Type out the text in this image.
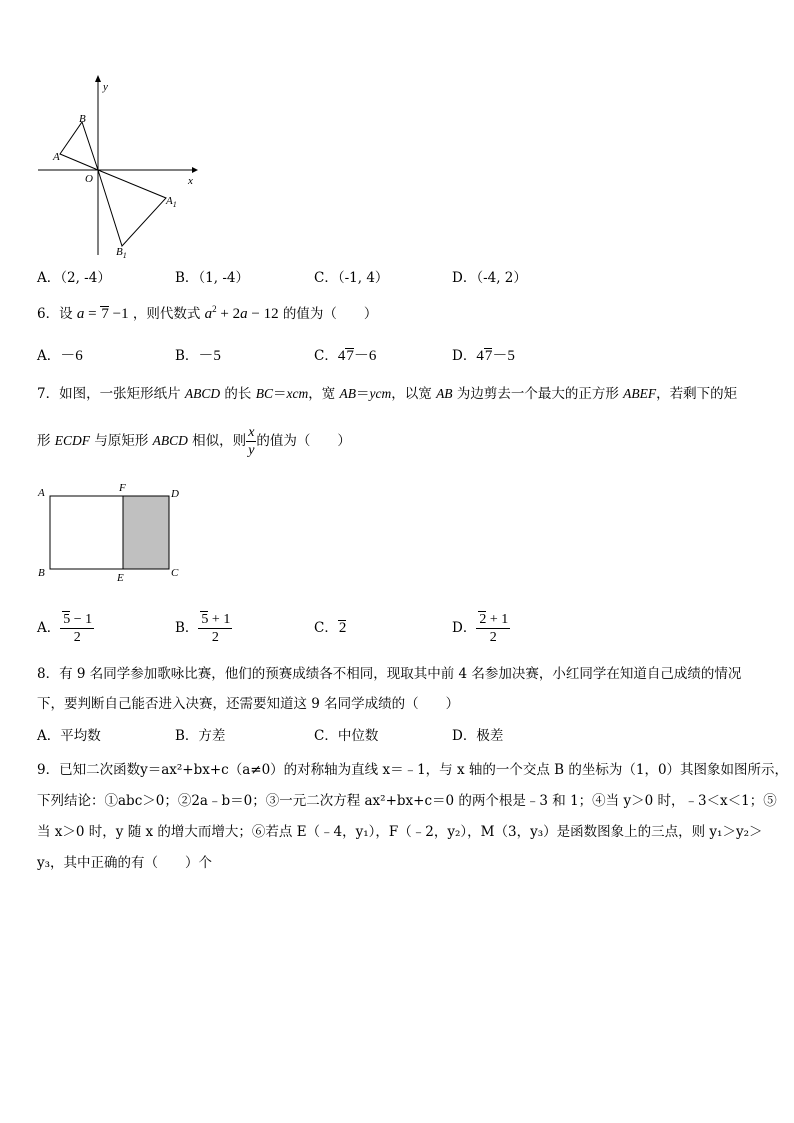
y
x
O
A
B
$A_1$
$B_1$
A．（2, -4）	B．（1, -4）	C．（-1, 4）	D．（-4, 2）
6．设 a = 7 −1 ，则代数式 $a^2 + 2a - 12$ 的值为（　　）
A．－6	B．－5	C．47－6	D．47－5
7．如图，一张矩形纸片 ABCD 的长 BC＝xcm，宽 AB＝ycm，以宽 AB 为边剪去一个最大的正方形 ABEF，若剩下的矩
形 ECDF 与原矩形 ABCD 相似，则 $\frac{x}{y}$ 的值为（　　）
A	F	D
B	E	C
A． $\frac{5 - 1}{2}$	B． $\frac{5 + 1}{2}$	C．2	D． $\frac{2 + 1}{2}$
8．有 9 名同学参加歌咏比赛，他们的预赛成绩各不相同，现取其中前 4 名参加决赛，小红同学在知道自己成绩的情况
下，要判断自己能否进入决赛，还需要知道这 9 名同学成绩的（　　）
A．平均数	B．方差	C．中位数	D．极差
9．已知二次函数y＝ax²+bx+c（a≠0）的对称轴为直线 x＝﹣1，与 x 轴的一个交点 B 的坐标为（1，0）其图象如图所示，
下列结论：①abc＞0；②2a﹣b＝0；③一元二次方程 ax²+bx+c＝0 的两个根是﹣3 和 1；④当 y＞0 时，﹣3＜x＜1；⑤
当 x＞0 时，y 随 x 的增大而增大；⑥若点 E（﹣4，y₁），F（﹣2，y₂），M（3，y₃）是函数图象上的三点，则 y₁＞y₂＞
y₃，其中正确的有（　　）个
